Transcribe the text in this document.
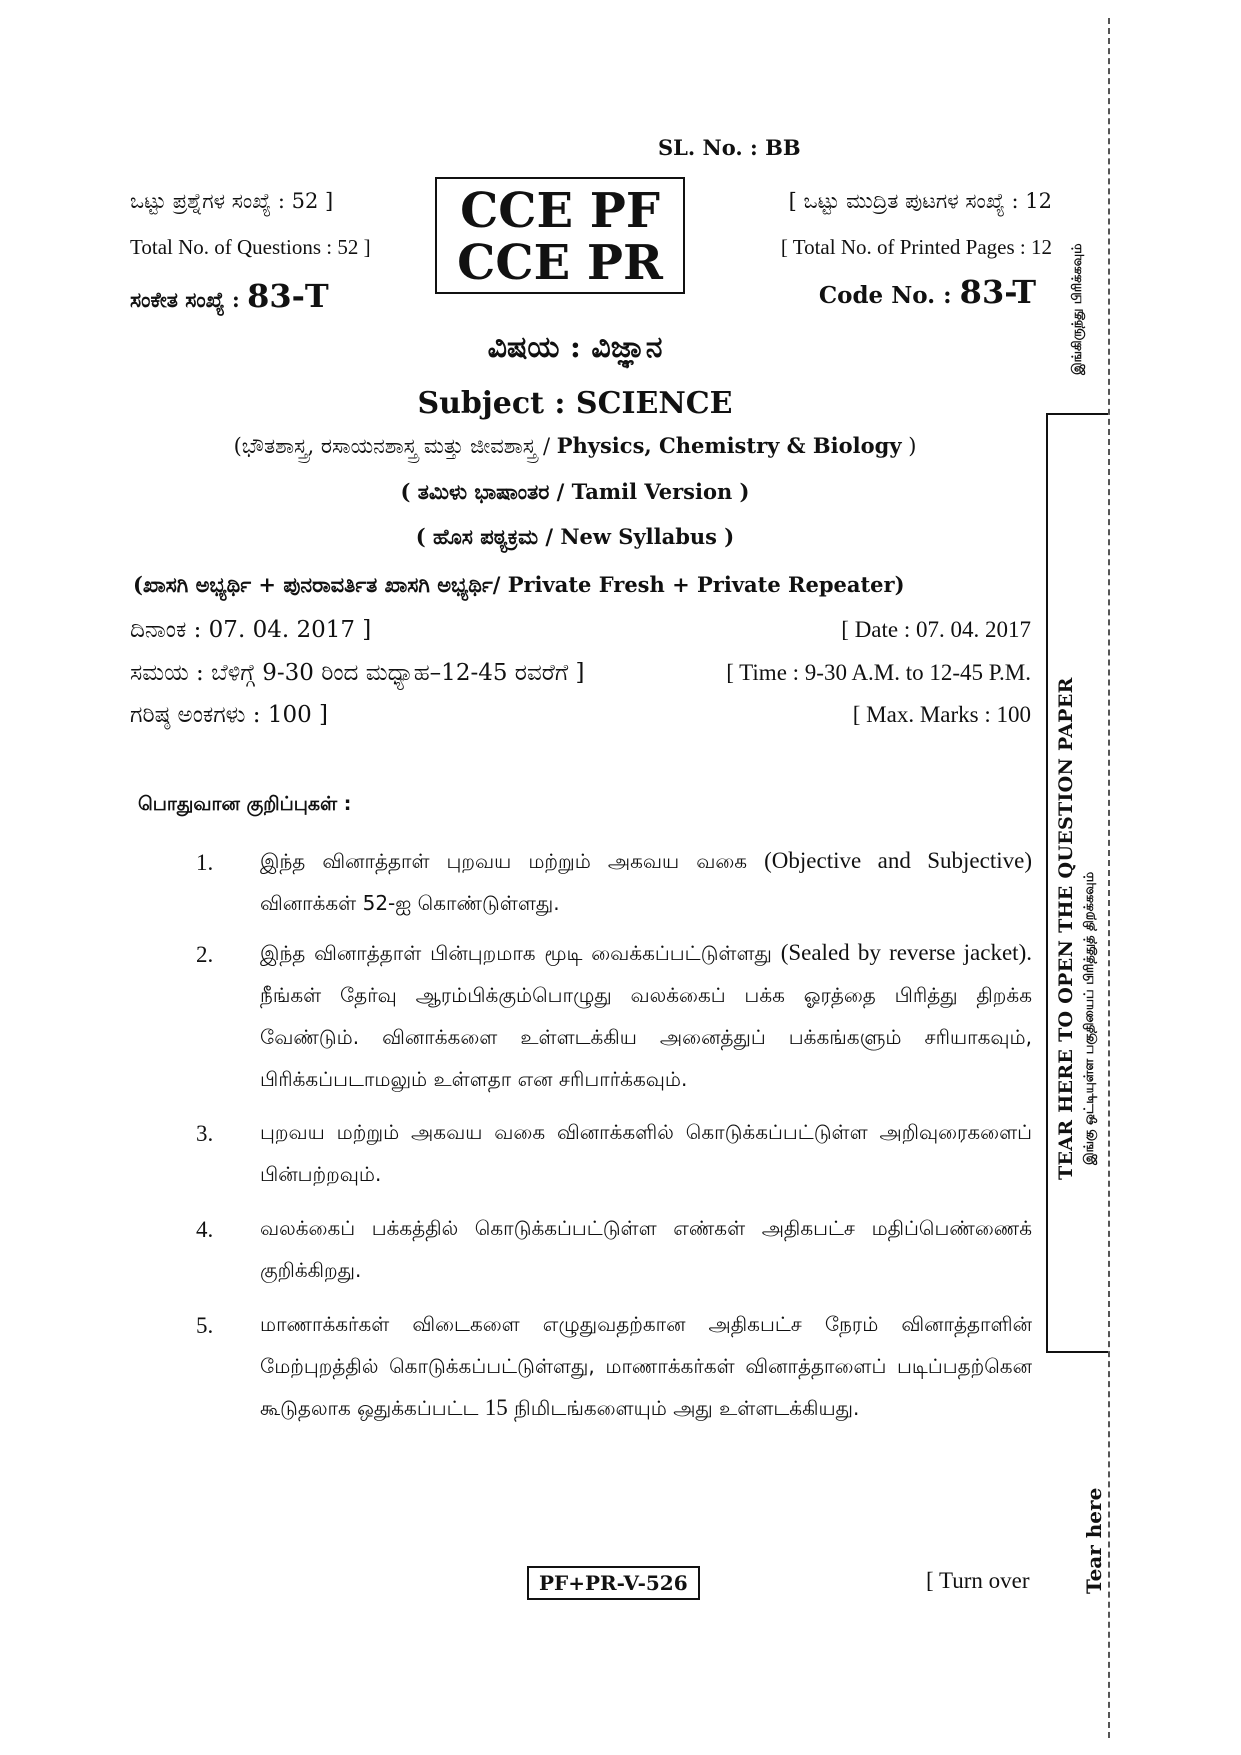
SL. No. : BB
ಒಟ್ಟು ಪ್ರಶ್ನೆಗಳ ಸಂಖ್ಯೆ : 52 ]
Total No. of Questions : 52 ]
ಸಂಕೇತ ಸಂಖ್ಯೆ : 83-T
CCE PF
CCE PR
[ ಒಟ್ಟು ಮುದ್ರಿತ ಪುಟಗಳ ಸಂಖ್ಯೆ : 12
[ Total No. of Printed Pages : 12
Code No. : 83-T
ವಿಷಯ : ವಿಜ್ಞಾನ
Subject : SCIENCE
(ಭೌತಶಾಸ್ತ್ರ, ರಸಾಯನಶಾಸ್ತ್ರ ಮತ್ತು ಜೀವಶಾಸ್ತ್ರ / Physics, Chemistry & Biology )
( ತಮಿಳು ಭಾಷಾಂತರ / Tamil Version )
( ಹೊಸ ಪಠ್ಯಕ್ರಮ / New Syllabus )
(ಖಾಸಗಿ ಅಭ್ಯರ್ಥಿ + ಪುನರಾವರ್ತಿತ ಖಾಸಗಿ ಅಭ್ಯರ್ಥಿ/ Private Fresh + Private Repeater)
ದಿನಾಂಕ : 07. 04. 2017 ]	[ Date : 07. 04. 2017
ಸಮಯ : ಬೆಳಿಗ್ಗೆ 9-30 ರಿಂದ ಮಧ್ಯಾಹ–12-45 ರವರೆಗೆ ]	[ Time : 9-30 A.M. to 12-45 P.M.
ಗರಿಷ್ಠ ಅಂಕಗಳು : 100 ]	[ Max. Marks : 100
பொதுவான குறிப்புகள் :
1. இந்த வினாத்தாள் புறவய மற்றும் அகவய வகை (Objective and Subjective) வினாக்கள் 52-ஐ கொண்டுள்ளது.
2. இந்த வினாத்தாள் பின்புறமாக மூடி வைக்கப்பட்டுள்ளது (Sealed by reverse jacket). நீங்கள் தேர்வு ஆரம்பிக்கும்பொழுது வலக்கைப் பக்க ஓரத்தை பிரித்து திறக்க வேண்டும். வினாக்களை உள்ளடக்கிய அனைத்துப் பக்கங்களும் சரியாகவும், பிரிக்கப்படாமலும் உள்ளதா என சரிபார்க்கவும்.
3. புறவய மற்றும் அகவய வகை வினாக்களில் கொடுக்கப்பட்டுள்ள அறிவுரைகளைப் பின்பற்றவும்.
4. வலக்கைப் பக்கத்தில் கொடுக்கப்பட்டுள்ள எண்கள் அதிகபட்ச மதிப்பெண்ணைக் குறிக்கிறது.
5. மாணாக்கர்கள் விடைகளை எழுதுவதற்கான அதிகபட்ச நேரம் வினாத்தாளின் மேற்புறத்தில் கொடுக்கப்பட்டுள்ளது, மாணாக்கர்கள் வினாத்தாளைப் படிப்பதற்கென கூடுதலாக ஒதுக்கப்பட்ட 15 நிமிடங்களையும் அது உள்ளடக்கியது.
PF+PR-V-526	[ Turn over
இங்கிருந்து பிரிக்கவும்
TEAR HERE TO OPEN THE QUESTION PAPER இங்கு ஒட்டியுள்ள பகுதியைப் பிரித்துத் திறக்கவும்
Tear here
